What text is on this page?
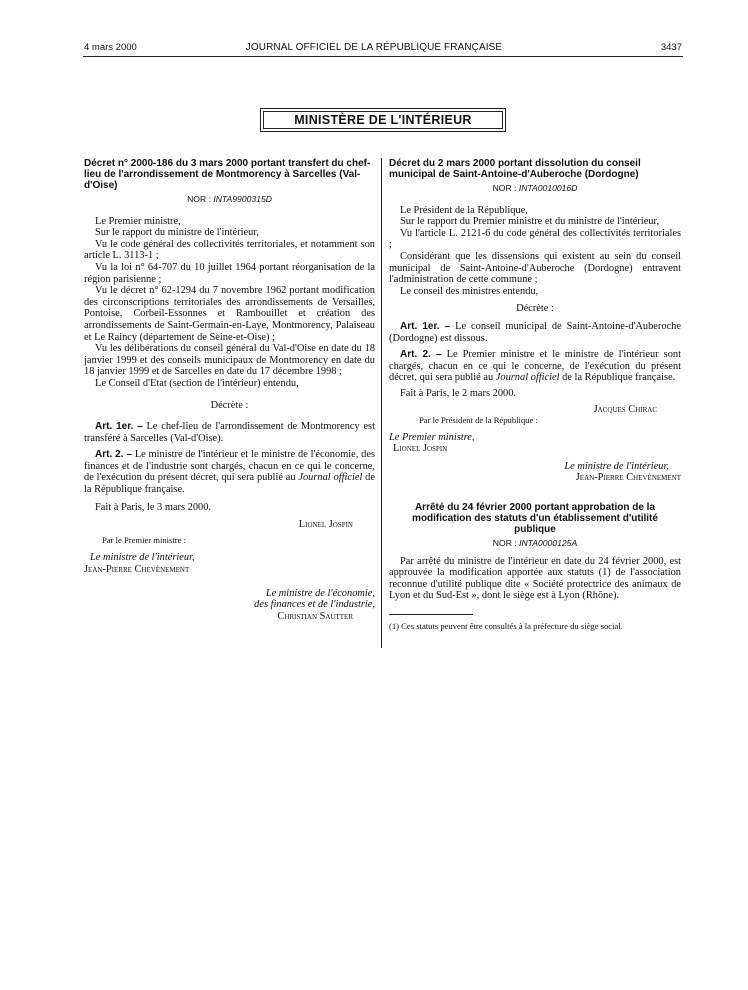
4 mars 2000	JOURNAL OFFICIEL DE LA RÉPUBLIQUE FRANÇAISE	3437
MINISTÈRE DE L'INTÉRIEUR
Décret n° 2000-186 du 3 mars 2000 portant transfert du chef-lieu de l'arrondissement de Montmorency à Sarcelles (Val-d'Oise)
NOR : INTA9900315D

Le Premier ministre,

Sur le rapport du ministre de l'intérieur,

Vu le code général des collectivités territoriales, et notamment son article L. 3113-1 ;

Vu la loi n° 64-707 du 10 juillet 1964 portant réorganisation de la région parisienne ;

Vu le décret n° 62-1294 du 7 novembre 1962 portant modification des circonscriptions territoriales des arrondissements de Versailles, Pontoise, Corbeil-Essonnes et Rambouillet et création des arrondissements de Saint-Germain-en-Laye, Montmorency, Palaiseau et Le Raincy (département de Seine-et-Oise) ;

Vu les délibérations du conseil général du Val-d'Oise en date du 18 janvier 1999 et des conseils municipaux de Montmorency en date du 18 janvier 1999 et de Sarcelles en date du 17 décembre 1998 ;

Le Conseil d'Etat (section de l'intérieur) entendu,

Décrète :

Art. 1er. – Le chef-lieu de l'arrondissement de Montmorency est transféré à Sarcelles (Val-d'Oise).

Art. 2. – Le ministre de l'intérieur et le ministre de l'économie, des finances et de l'industrie sont chargés, chacun en ce qui le concerne, de l'exécution du présent décret, qui sera publié au Journal officiel de la République française.

Fait à Paris, le 3 mars 2000.

Lionel Jospin

Par le Premier ministre :

Le ministre de l'intérieur,

Jean-Pierre Chevènement

Le ministre de l'économie,

des finances et de l'industrie,

Christian Sautter

Décret du 2 mars 2000 portant dissolution du conseil municipal de Saint-Antoine-d'Auberoche (Dordogne)
NOR : INTA0010016D

Le Président de la République,

Sur le rapport du Premier ministre et du ministre de l'intérieur,

Vu l'article L. 2121-6 du code général des collectivités territoriales ;

Considérant que les dissensions qui existent au sein du conseil municipal de Saint-Antoine-d'Auberoche (Dordogne) entravent l'administration de cette commune ;

Le conseil des ministres entendu,

Décrète :

Art. 1er. – Le conseil municipal de Saint-Antoine-d'Auberoche (Dordogne) est dissous.

Art. 2. – Le Premier ministre et le ministre de l'intérieur sont chargés, chacun en ce qui le concerne, de l'exécution du présent décret, qui sera publié au Journal officiel de la République française.

Fait à Paris, le 2 mars 2000.

Jacques Chirac

Par le Président de la République :

Le Premier ministre,

Lionel Jospin

Le ministre de l'intérieur,

Jean-Pierre Chevènement

Arrêté du 24 février 2000 portant approbation de la modification des statuts d'un établissement d'utilité publique
NOR : INTA0000125A

Par arrêté du ministre de l'intérieur en date du 24 février 2000, est approuvée la modification apportée aux statuts (1) de l'association reconnue d'utilité publique dite « Société protectrice des animaux de Lyon et du Sud-Est », dont le siège est à Lyon (Rhône).

(1) Ces statuts peuvent être consultés à la préfecture du siège social.
